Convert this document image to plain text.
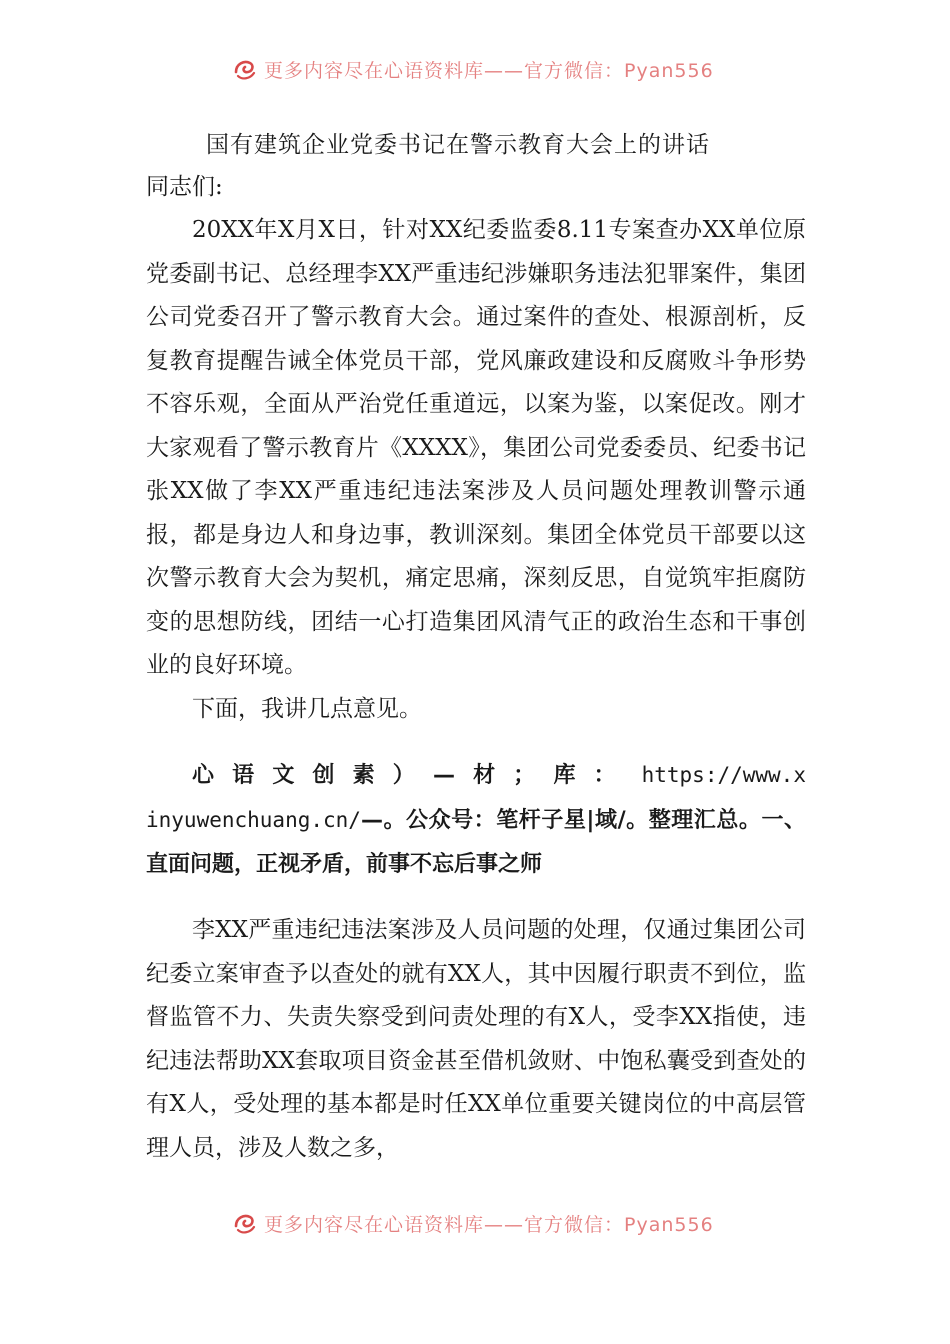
更多内容尽在心语资料库——官方微信：Pyan556
国有建筑企业党委书记在警示教育大会上的讲话

同志们:

20XX年X月X日，针对XX纪委监委8.11专案查办XX单位原党委副书记、总经理李XX严重违纪涉嫌职务违法犯罪案件，集团公司党委召开了警示教育大会。通过案件的查处、根源剖析，反复教育提醒告诫全体党员干部，党风廉政建设和反腐败斗争形势不容乐观，全面从严治党任重道远，以案为鉴，以案促改。刚才大家观看了警示教育片《XXXX》，集团公司党委委员、纪委书记张XX做了李XX严重违纪违法案涉及人员问题处理教训警示通报，都是身边人和身边事，教训深刻。集团全体党员干部要以这次警示教育大会为契机，痛定思痛，深刻反思，自觉筑牢拒腐防变的思想防线，团结一心打造集团风清气正的政治生态和干事创业的良好环境。

下面，我讲几点意见。

心语文创素）—材；库： https://www.xinyuwenchuang.cn/—。公众号：笔杆子星|域/。整理汇总。一、直面问题，正视矛盾，前事不忘后事之师

李XX严重违纪违法案涉及人员问题的处理，仅通过集团公司纪委立案审查予以查处的就有XX人，其中因履行职责不到位，监督监管不力、失责失察受到问责处理的有X人，受李XX指使，违纪违法帮助XX套取项目资金甚至借机敛财、中饱私囊受到查处的有X人，受处理的基本都是时任XX单位重要关键岗位的中高层管理人员，涉及人数之多，

更多内容尽在心语资料库——官方微信：Pyan556
